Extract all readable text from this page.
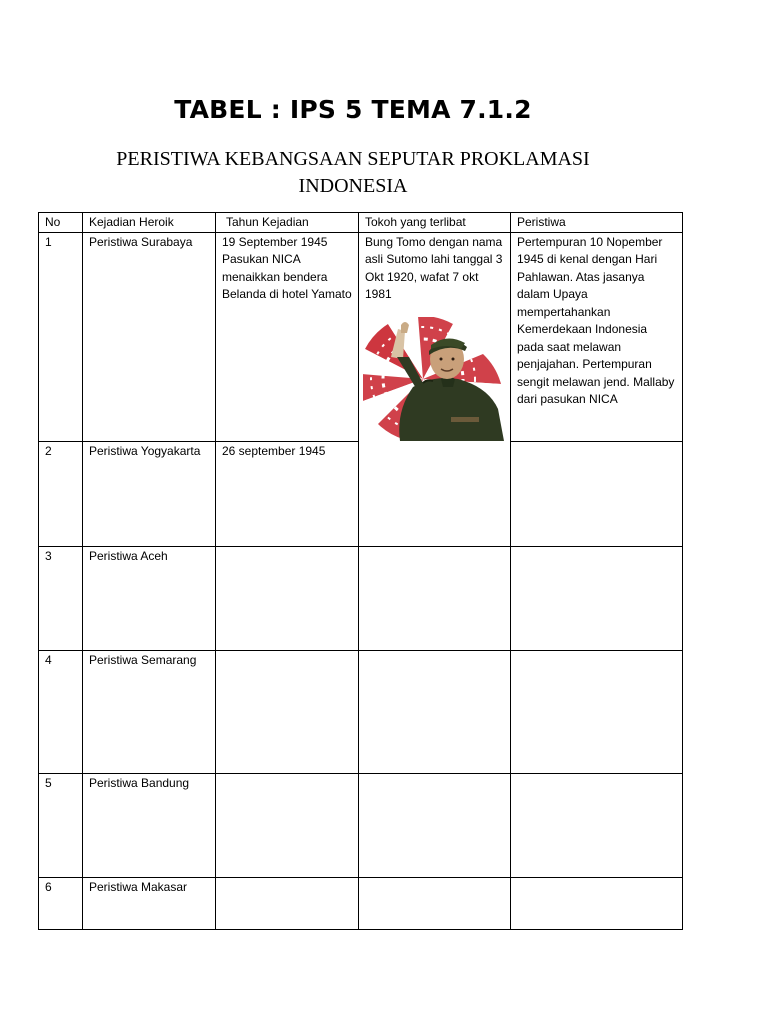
TABEL : IPS 5 TEMA 7.1.2
PERISTIWA KEBANGSAAN SEPUTAR PROKLAMASI
INDONESIA
No	Kejadian Heroik	Tahun Kejadian	Tokoh yang terlibat	Peristiwa
1	Peristiwa Surabaya	19 September 1945 Pasukan NICA menaikkan bendera Belanda di hotel Yamato	Bung Tomo dengan nama asli Sutomo lahi tanggal 3 Okt 1920, wafat 7 okt 1981	Pertempuran 10 Nopember 1945 di kenal dengan Hari Pahlawan. Atas jasanya dalam Upaya mempertahankan Kemerdekaan Indonesia pada saat melawan penjajahan. Pertempuran sengit melawan jend. Mallaby dari pasukan NICA
2	Peristiwa Yogyakarta	26 september 1945		
3	Peristiwa Aceh			
4	Peristiwa Semarang			
5	Peristiwa Bandung			
6	Peristiwa Makasar			
